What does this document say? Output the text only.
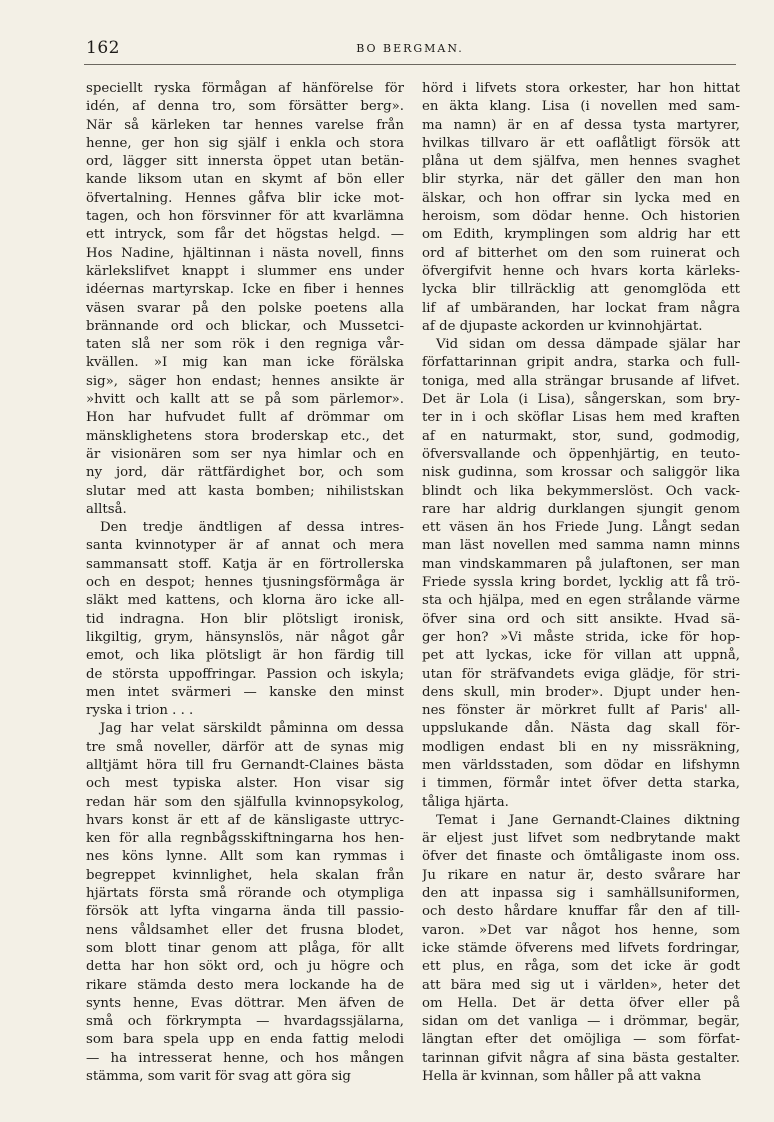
162	BO BERGMAN.
speciellt ryska förmågan af hänförelse för
idén, af denna tro, som försätter berg».
När så kärleken tar hennes varelse från
henne, ger hon sig själf i enkla och stora
ord, lägger sitt innersta öppet utan betän-
kande liksom utan en skymt af bön eller
öfvertalning. Hennes gåfva blir icke mot-
tagen, och hon försvinner för att kvarlämna
ett intryck, som får det högstas helgd. —
Hos Nadine, hjältinnan i nästa novell, finns
kärlekslifvet knappt i slummer ens under
idéernas martyrskap. Icke en fiber i hennes
väsen svarar på den polske poetens alla
brännande ord och blickar, och Mussetci-
taten slå ner som rök i den regniga vår-
kvällen. »I mig kan man icke förälska
sig», säger hon endast; hennes ansikte är
»hvitt och kallt att se på som pärlemor».
Hon har hufvudet fullt af drömmar om
mänsklighetens stora broderskap etc., det
är visionären som ser nya himlar och en
ny jord, där rättfärdighet bor, och som
slutar med att kasta bomben; nihilistskan
alltså.
Den tredje ändtligen af dessa intres-
santa kvinnotyper är af annat och mera
sammansatt stoff. Katja är en förtrollerska
och en despot; hennes tjusningsförmåga är
släkt med kattens, och klorna äro icke all-
tid indragna. Hon blir plötsligt ironisk,
likgiltig, grym, hänsynslös, när något går
emot, och lika plötsligt är hon färdig till
de största uppoffringar. Passion och iskyla;
men intet svärmeri — kanske den minst
ryska i trion . . .
Jag har velat särskildt påminna om dessa
tre små noveller, därför att de synas mig
alltjämt höra till fru Gernandt-Claines bästa
och mest typiska alster. Hon visar sig
redan här som den själfulla kvinnopsykolog,
hvars konst är ett af de känsligaste uttryc-
ken för alla regnbågsskiftningarna hos hen-
nes köns lynne. Allt som kan rymmas i
begreppet kvinnlighet, hela skalan från
hjärtats första små rörande och otympliga
försök att lyfta vingarna ända till passio-
nens våldsamhet eller det frusna blodet,
som blott tinar genom att plåga, för allt
detta har hon sökt ord, och ju högre och
rikare stämda desto mera lockande ha de
synts henne, Evas döttrar. Men äfven de
små och förkrympta — hvardagssjälarna,
som bara spela upp en enda fattig melodi
— ha intresserat henne, och hos mången
stämma, som varit för svag att göra sig
hörd i lifvets stora orkester, har hon hittat
en äkta klang. Lisa (i novellen med sam-
ma namn) är en af dessa tysta martyrer,
hvilkas tillvaro är ett oaflåtligt försök att
plåna ut dem själfva, men hennes svaghet
blir styrka, när det gäller den man hon
älskar, och hon offrar sin lycka med en
heroism, som dödar henne. Och historien
om Edith, krymplingen som aldrig har ett
ord af bitterhet om den som ruinerat och
öfvergifvit henne och hvars korta kärleks-
lycka blir tillräcklig att genomglöda ett
lif af umbäranden, har lockat fram några
af de djupaste ackorden ur kvinnohjärtat.
Vid sidan om dessa dämpade själar har
författarinnan gripit andra, starka och full-
toniga, med alla strängar brusande af lifvet.
Det är Lola (i Lisa), sångerskan, som bry-
ter in i och sköflar Lisas hem med kraften
af en naturmakt, stor, sund, godmodig,
öfversvallande och öppenhjärtig, en teuto-
nisk gudinna, som krossar och saliggör lika
blindt och lika bekymmerslöst. Och vack-
rare har aldrig durklangen sjungit genom
ett väsen än hos Friede Jung. Långt sedan
man läst novellen med samma namn minns
man vindskammaren på julaftonen, ser man
Friede syssla kring bordet, lycklig att få trö-
sta och hjälpa, med en egen strålande värme
öfver sina ord och sitt ansikte. Hvad sä-
ger hon? »Vi måste strida, icke för hop-
pet att lyckas, icke för villan att uppnå,
utan för sträfvandets eviga glädje, för stri-
dens skull, min broder». Djupt under hen-
nes fönster är mörkret fullt af Paris' all-
uppslukande dån. Nästa dag skall för-
modligen endast bli en ny missräkning,
men världsstaden, som dödar en lifshymn
i timmen, förmår intet öfver detta starka,
tåliga hjärta.
Temat i Jane Gernandt-Claines diktning
är eljest just lifvet som nedbrytande makt
öfver det finaste och ömtåligaste inom oss.
Ju rikare en natur är, desto svårare har
den att inpassa sig i samhällsuniformen,
och desto hårdare knuffar får den af till-
varon. »Det var något hos henne, som
icke stämde öfverens med lifvets fordringar,
ett plus, en råga, som det icke är godt
att bära med sig ut i världen», heter det
om Hella. Det är detta öfver eller på
sidan om det vanliga — i drömmar, begär,
längtan efter det omöjliga — som förfat-
tarinnan gifvit några af sina bästa gestalter.
Hella är kvinnan, som håller på att vakna
